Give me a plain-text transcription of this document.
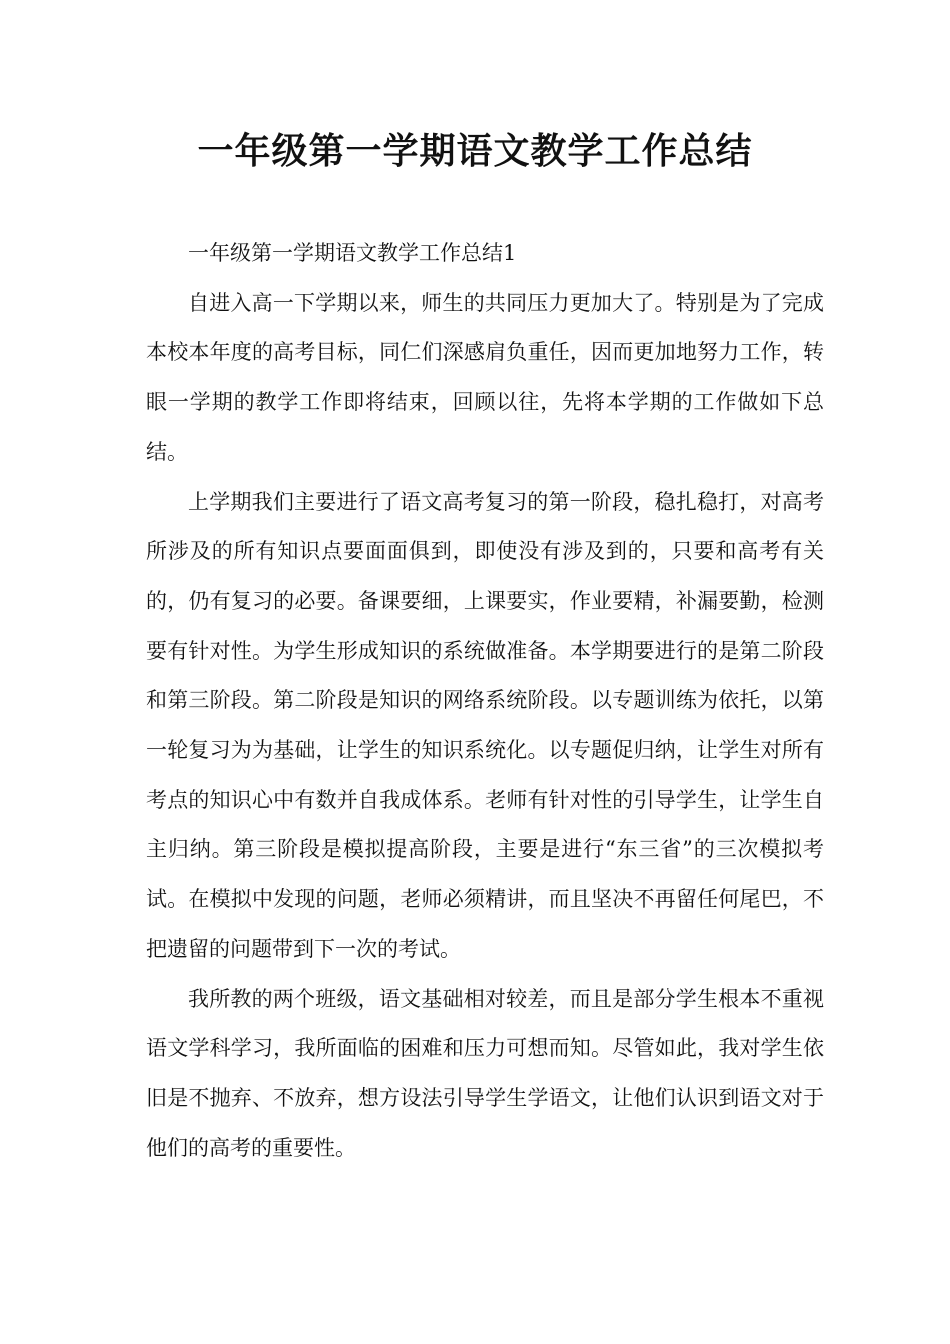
一年级第一学期语文教学工作总结

一年级第一学期语文教学工作总结1

自进入高一下学期以来，师生的共同压力更加大了。特别是为了完成本校本年度的高考目标，同仁们深感肩负重任，因而更加地努力工作，转眼一学期的教学工作即将结束，回顾以往，先将本学期的工作做如下总结。

上学期我们主要进行了语文高考复习的第一阶段，稳扎稳打，对高考所涉及的所有知识点要面面俱到，即使没有涉及到的，只要和高考有关的，仍有复习的必要。备课要细，上课要实，作业要精，补漏要勤，检测要有针对性。为学生形成知识的系统做准备。本学期要进行的是第二阶段和第三阶段。第二阶段是知识的网络系统阶段。以专题训练为依托，以第一轮复习为为基础，让学生的知识系统化。以专题促归纳，让学生对所有考点的知识心中有数并自我成体系。老师有针对性的引导学生，让学生自主归纳。第三阶段是模拟提高阶段，主要是进行“东三省”的三次模拟考试。在模拟中发现的问题，老师必须精讲，而且坚决不再留任何尾巴，不把遗留的问题带到下一次的考试。

我所教的两个班级，语文基础相对较差，而且是部分学生根本不重视语文学科学习，我所面临的困难和压力可想而知。尽管如此，我对学生依旧是不抛弃、不放弃，想方设法引导学生学语文，让他们认识到语文对于他们的高考的重要性。
